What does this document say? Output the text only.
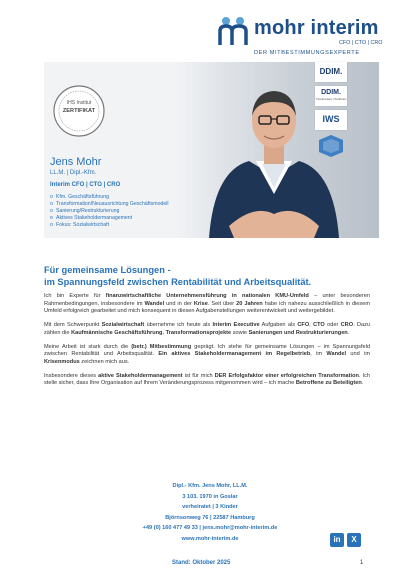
mohr interim
CFO | CTO | CRO
DER MITBESTIMMUNGSEXPERTE
IHS Institut
ZERTIFIKAT
DDIM.
DDIM.
Transformation | Healthcare
IWS
Jens Mohr
LL.M. | Dipl.-Kfm.
Interim CFO | CTO | CRO
o Kfm. Geschäftsführung
o Transformation/Neuausrichtung Geschäftsmodell
o Sanierung/Restrukturierung
o Aktives Stakeholdermanagement
o Fokus: Sozialwirtschaft
Für gemeinsame Lösungen -
im Spannungsfeld zwischen Rentabilität und Arbeitsqualität.

Ich bin Experte für finanzwirtschaftliche Unternehmensführung in nationalen KMU-Umfeld – unter besonderen Rahmenbedingungen, insbesondere im Wandel und in der Krise. Seit über 20 Jahren habe ich nahezu ausschließlich in diesem Umfeld erfolgreich gearbeitet und mich konsequent in diesen Aufgabenstellungen weiterentwickelt und weitergebildet.

Mit dem Schwerpunkt Sozialwirtschaft übernehme ich heute als Interim Executive Aufgaben als CFO, CTO oder CRO. Dazu zählen die Kaufmännische Geschäftsführung, Transformationsprojekte sowie Sanierungen und Restrukturierungen.

Meine Arbeit ist stark durch die (betr.) Mitbestimmung geprägt. Ich stehe für gemeinsame Lösungen – im Spannungsfeld zwischen Rentabilität und Arbeitsqualität. Ein aktives Stakeholdermanagement im Regelbetrieb, im Wandel und im Krisenmodus zeichnen mich aus.

Insbesondere dieses aktive Stakeholdermanagement ist für mich DER Erfolgsfaktor einer erfolgreichen Transformation. Ich stelle sicher, dass Ihre Organisation auf Ihrem Veränderungsprozess mitgenommen wird – ich mache Betroffene zu Beteiligten.

Dipl.- Kfm. Jens Mohr, LL.M.
3 103. 1970 in Goslar
verheiratet | 3 Kinder
Björnsonweg 76 | 22587 Hamburg
+49 (0) 160 477 49 33 | jens.mohr@mohr-interim.de
www.mohr-interim.de	in	X
Stand: Oktober 2025	1
